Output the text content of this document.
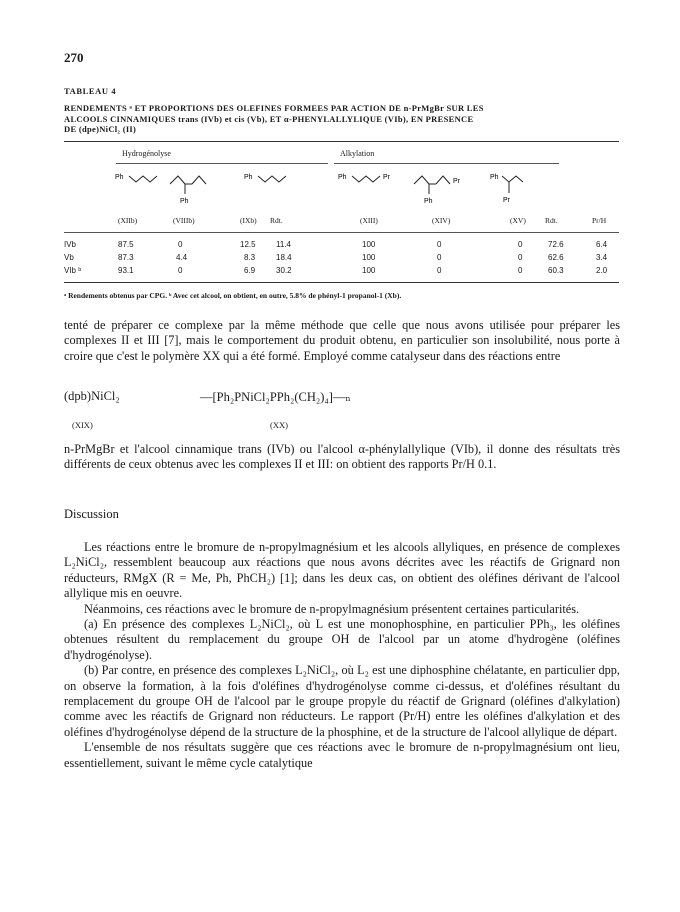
270
TABLEAU 4
RENDEMENTS ᵃ ET PROPORTIONS DES OLEFINES FORMEES PAR ACTION DE n-PrMgBr SUR LES
ALCOOLS CINNAMIQUES trans (IVb) et cis (Vb), ET α-PHENYLALLYLIQUE (VIb), EN PRESENCE
DE (dpe)NiCl₂ (II)
Hydrogénolyse	Alkylation
Ph
Ph
Ph	Ph	Pr
Ph
Pr
Ph
Pr
(XIIb)	(VIIIb)	(IXb) Rdt.	(XIII)	(XIV)	(XV)	Rdt.	Pr/H
IVb	87.5	0	12.5	11.4	100	0	0	72.6	6.4
Vb	87.3	4.4	8.3	18.4	100	0	0	62.6	3.4
VIb ᵇ	93.1	0	6.9	30.2	100	0	0	60.3	2.0
ᵃ Rendements obtenus par CPG. ᵇ Avec cet alcool, on obtient, en outre, 5.8% de phényl-1 propanol-1 (Xb).
tenté de préparer ce complexe par la même méthode que celle que nous avons utilisée pour préparer les complexes II et III [7], mais le comportement du produit obtenu, en particulier son insolubilité, nous porte à croire que c'est le polymère XX qui a été formé. Employé comme catalyseur dans des réactions entre
(dpb)NiCl₂	—[Ph₂PNiCl₂PPh₂(CH₂)₄]—ₙ
(XIX)	(XX)
n-PrMgBr et l'alcool cinnamique trans (IVb) ou l'alcool α-phénylallylique (VIb), il donne des résultats très différents de ceux obtenus avec les complexes II et III: on obtient des rapports Pr/H 0.1.
Discussion

Les réactions entre le bromure de n-propylmagnésium et les alcools allyliques, en présence de complexes L₂NiCl₂, ressemblent beaucoup aux réactions que nous avons décrites avec les réactifs de Grignard non réducteurs, RMgX (R = Me, Ph, PhCH₂) [1]; dans les deux cas, on obtient des oléfines dérivant de l'alcool allylique mis en oeuvre.

Néanmoins, ces réactions avec le bromure de n-propylmagnésium présentent certaines particularités.

(a) En présence des complexes L₂NiCl₂, où L est une monophosphine, en particulier PPh₃, les oléfines obtenues résultent du remplacement du groupe OH de l'alcool par un atome d'hydrogène (oléfines d'hydrogénolyse).

(b) Par contre, en présence des complexes L₂NiCl₂, où L₂ est une diphosphine chélatante, en particulier dpp, on observe la formation, à la fois d'oléfines d'hydrogénolyse comme ci-dessus, et d'oléfines résultant du remplacement du groupe OH de l'alcool par le groupe propyle du réactif de Grignard (oléfines d'alkylation) comme avec les réactifs de Grignard non réducteurs. Le rapport (Pr/H) entre les oléfines d'alkylation et des oléfines d'hydrogénolyse dépend de la structure de la phosphine, et de la structure de l'alcool allylique de départ.

L'ensemble de nos résultats suggère que ces réactions avec le bromure de n-propylmagnésium ont lieu, essentiellement, suivant le même cycle catalytique
